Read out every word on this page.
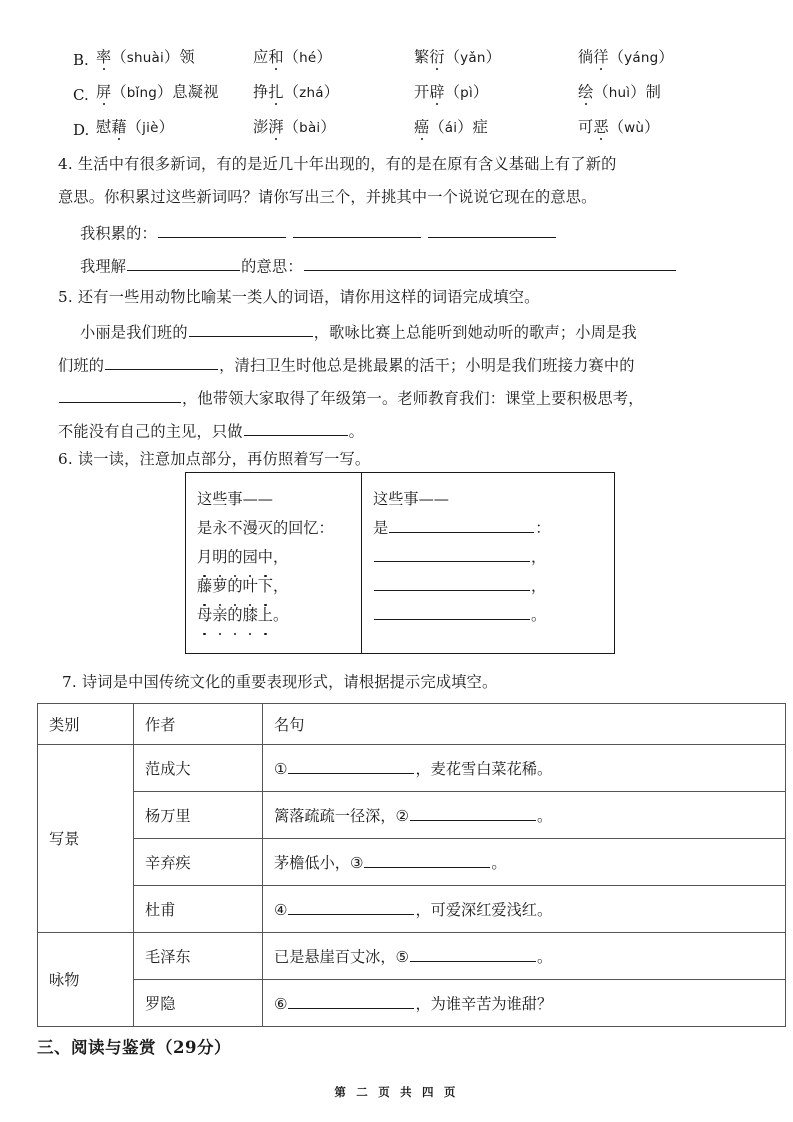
B. 率（shuài）领	应和（hé）	繁衍（yǎn）	徜徉（yáng）
C. 屏（bǐng）息凝视 挣扎（zhá）	开辟（pì）	绘（huì）制
D. 慰藉（jiè）	澎湃（bài）	癌（ái）症	可恶（wù）
4. 生活中有很多新词，有的是近几十年出现的，有的是在原有含义基础上有了新的
意思。你积累过这些新词吗？请你写出三个，并挑其中一个说说它现在的意思。
我积累的：
我理解	的意思：
5. 还有一些用动物比喻某一类人的词语，请你用这样的词语完成填空。
小丽是我们班的	，歌咏比赛上总能听到她动听的歌声；小周是我
们班的	，清扫卫生时他总是挑最累的活干；小明是我们班接力赛中的
，他带领大家取得了年级第一。老师教育我们：课堂上要积极思考，
不能没有自己的主见，只做	。
6. 读一读，注意加点部分，再仿照着写一写。
这些事——
是永不漫灭的回忆：
月明的园中，
藤萝的叶下，
母亲的膝上。
这些事——
是	：
，
，
。
7. 诗词是中国传统文化的重要表现形式，请根据提示完成填空。
类别	作者	名句
写景	范成大	① ，麦花雪白菜花稀。
	杨万里	篱落疏疏一径深，② 。
	辛弃疾	茅檐低小，③ 。
	杜甫	④ ，可爱深红爱浅红。
咏物	毛泽东	已是悬崖百丈冰，⑤ 。
	罗隐	⑥ ，为谁辛苦为谁甜？
三、阅读与鉴赏（29分）
第 二 页 共 四 页
